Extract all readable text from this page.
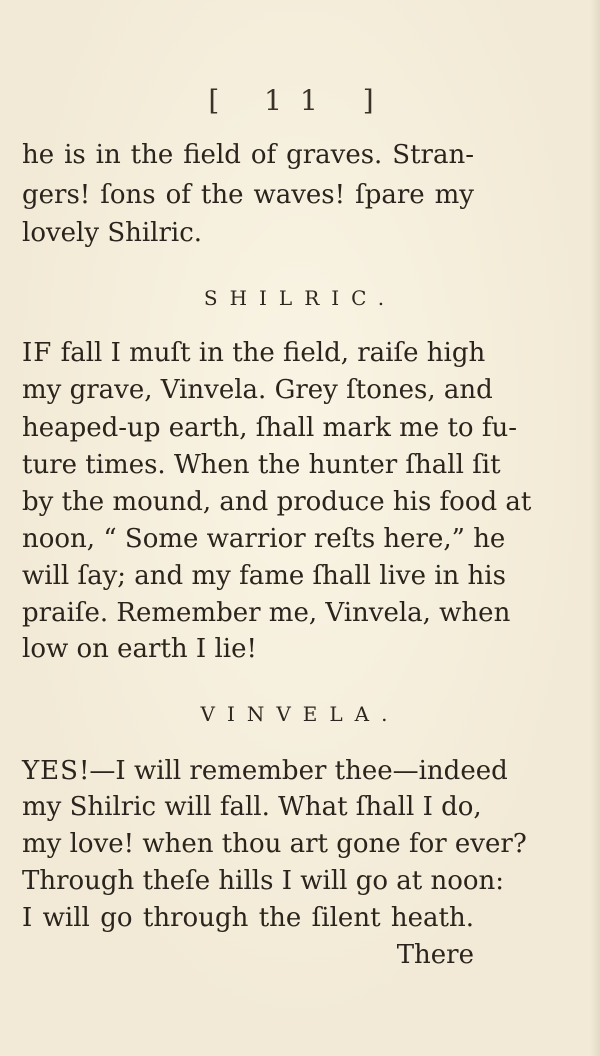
[ 11 ]
he is in the field of graves. Stran-
gers! ſons of the waves! ſpare my
lovely Shilric.
SHILRIC.
IF fall I muſt in the field, raiſe high
my grave, Vinvela. Grey ſtones, and
heaped-up earth, ſhall mark me to fu-
ture times. When the hunter ſhall ſit
by the mound, and produce his food at
noon, “ Some warrior reſts here,” he
will ſay; and my fame ſhall live in his
praiſe. Remember me, Vinvela, when
low on earth I lie!
VINVELA.
YES!—I will remember thee—indeed
my Shilric will fall. What ſhall I do,
my love! when thou art gone for ever?
Through theſe hills I will go at noon:
I will go through the ſilent heath.
There
